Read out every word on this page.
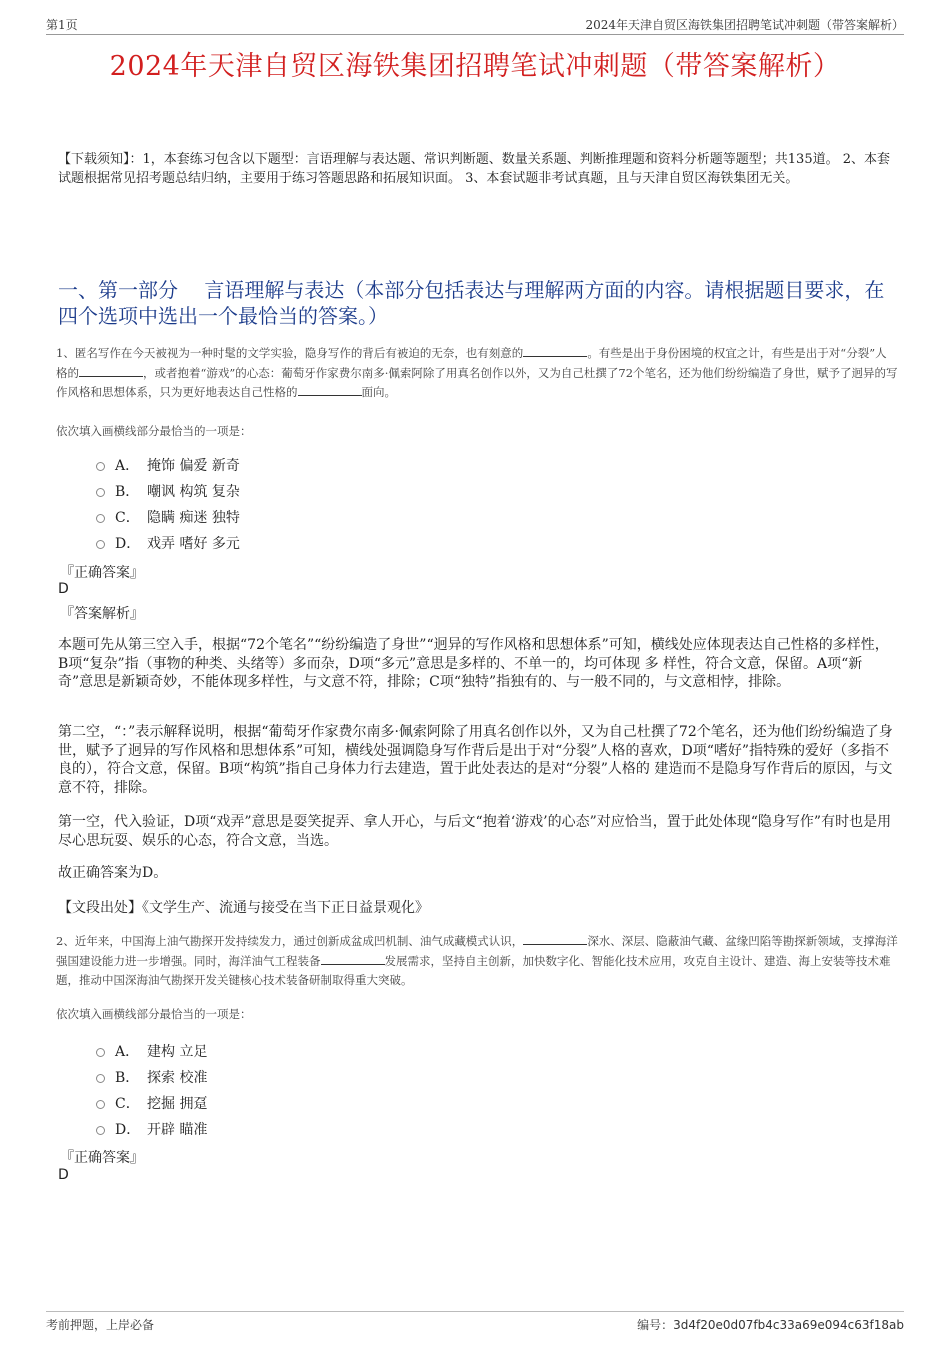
第1页	2024年天津自贸区海铁集团招聘笔试冲刺题（带答案解析）
2024年天津自贸区海铁集团招聘笔试冲刺题（带答案解析）
【下载须知】：1，本套练习包含以下题型：言语理解与表达题、常识判断题、数量关系题、判断推理题和资料分析题等题型；共135道。 2、本套试题根据常见招考题总结归纳，主要用于练习答题思路和拓展知识面。 3、本套试题非考试真题，且与天津自贸区海铁集团无关。
一、第一部分　 言语理解与表达（本部分包括表达与理解两方面的内容。请根据题目要求，在四个选项中选出一个最恰当的答案。）
1、匿名写作在今天被视为一种时髦的文学实验，隐身写作的背后有被迫的无奈，也有刻意的	。有些是出于身份困境的权宜之计，有些是出于对“分裂”人格的	，或者抱着“游戏”的心态：葡萄牙作家费尔南多·佩索阿除了用真名创作以外，又为自己杜撰了72个笔名，还为他们纷纷编造了身世，赋予了迥异的写作风格和思想体系，只为更好地表达自己性格的	面向。
依次填入画横线部分最恰当的一项是：
A． 掩饰 偏爱 新奇
B． 嘲讽 构筑 复杂
C． 隐瞒 痴迷 独特
D． 戏弄 嗜好 多元
『正确答案』
D
『答案解析』
本题可先从第三空入手，根据“72个笔名”“纷纷编造了身世”“迥异的写作风格和思想体系”可知，横线处应体现表达自己性格的多样性，B项“复杂”指（事物的种类、头绪等）多而杂，D项“多元”意思是多样的、不单一的，均可体现 多 样性，符合文意，保留。A项“新奇”意思是新颖奇妙，不能体现多样性，与文意不符，排除；C项“独特”指独有的、与一般不同的，与文意相悖，排除。
第二空，“：”表示解释说明，根据“葡萄牙作家费尔南多·佩索阿除了用真名创作以外，又为自己杜撰了72个笔名，还为他们纷纷编造了身世，赋予了迥异的写作风格和思想体系”可知，横线处强调隐身写作背后是出于对“分裂”人格的喜欢，D项“嗜好”指特殊的爱好（多指不良的），符合文意，保留。B项“构筑”指自己身体力行去建造，置于此处表达的是对“分裂”人格的 建造而不是隐身写作背后的原因，与文意不符，排除。
第一空，代入验证，D项“戏弄”意思是耍笑捉弄、拿人开心，与后文“抱着‘游戏’的心态”对应恰当，置于此处体现“隐身写作”有时也是用尽心思玩耍、娱乐的心态，符合文意，当选。
故正确答案为D。
【文段出处】《文学生产、流通与接受在当下正日益景观化》
2、近年来，中国海上油气勘探开发持续发力，通过创新成盆成凹机制、油气成藏模式认识，	深水、深层、隐蔽油气藏、盆缘凹陷等勘探新领域，支撑海洋强国建设能力进一步增强。同时，海洋油气工程装备	发展需求，坚持自主创新，加快数字化、智能化技术应用，攻克自主设计、建造、海上安装等技术难题，推动中国深海油气勘探开发关键核心技术装备研制取得重大突破。
依次填入画横线部分最恰当的一项是：
A． 建构 立足
B． 探索 校准
C． 挖掘 拥趸
D． 开辟 瞄准
『正确答案』
D
考前押题，上岸必备	编号：3d4f20e0d07fb4c33a69e094c63f18ab
